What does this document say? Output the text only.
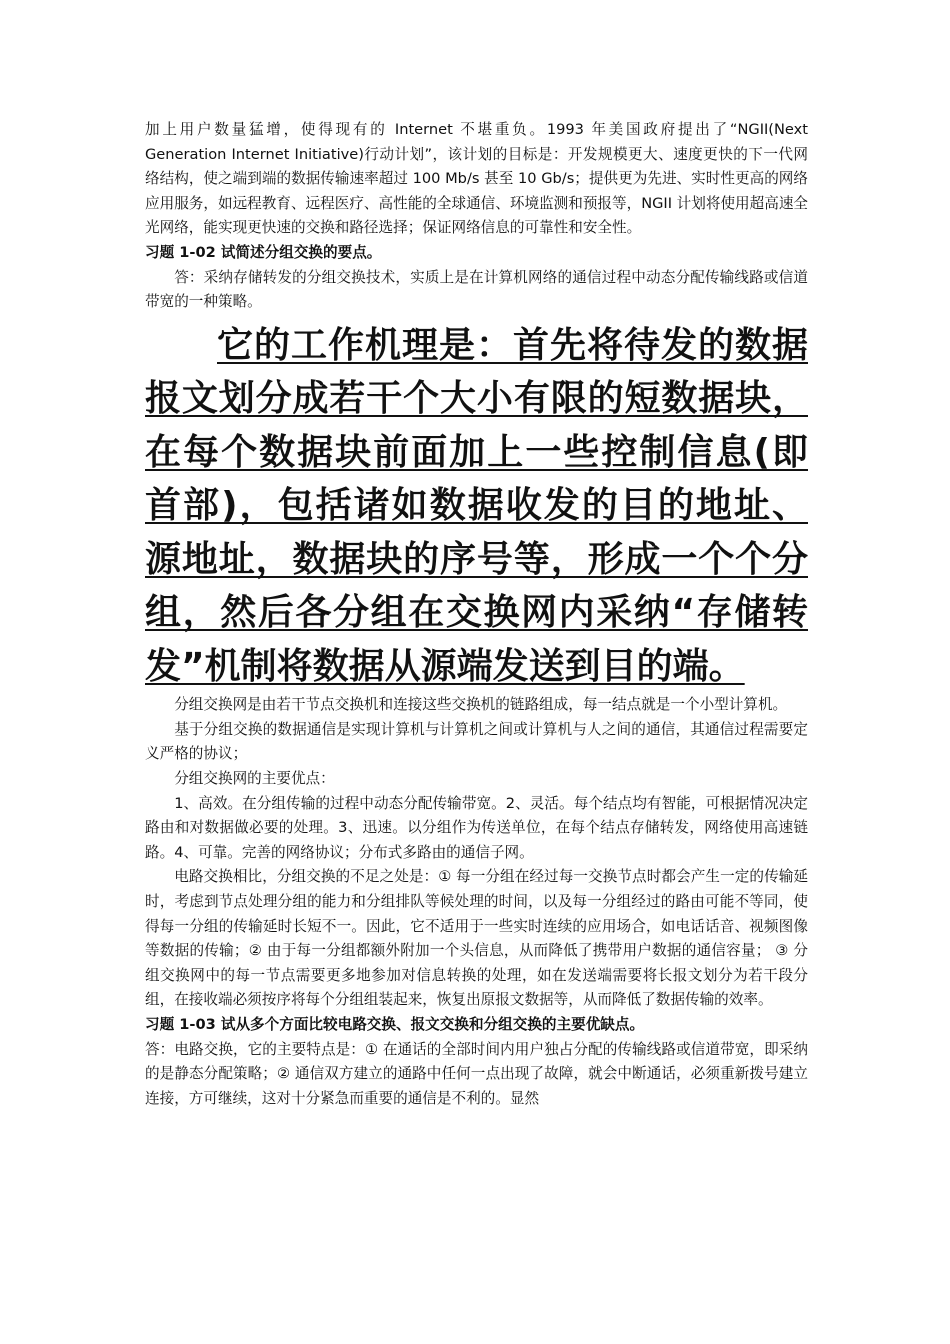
加上用户数量猛增，使得现有的 Internet 不堪重负。1993 年美国政府提出了“NGII(Next Generation Internet Initiative)行动计划”，该计划的目标是：开发规模更大、速度更快的下一代网络结构，使之端到端的数据传输速率超过 100 Mb/s 甚至 10 Gb/s；提供更为先进、实时性更高的网络应用服务，如远程教育、远程医疗、高性能的全球通信、环境监测和预报等，NGII 计划将使用超高速全光网络，能实现更快速的交换和路径选择；保证网络信息的可靠性和安全性。

习题 1-02 试简述分组交换的要点。

答：采纳存储转发的分组交换技术，实质上是在计算机网络的通信过程中动态分配传输线路或信道带宽的一种策略。

它的工作机理是：首先将待发的数据报文划分成若干个大小有限的短数据块，在每个数据块前面加上一些控制信息(即首部)，包括诸如数据收发的目的地址、源地址，数据块的序号等，形成一个个分组，然后各分组在交换网内采纳“存储转发”机制将数据从源端发送到目的端。

分组交换网是由若干节点交换机和连接这些交换机的链路组成，每一结点就是一个小型计算机。

基于分组交换的数据通信是实现计算机与计算机之间或计算机与人之间的通信，其通信过程需要定义严格的协议；

分组交换网的主要优点：

1、高效。在分组传输的过程中动态分配传输带宽。2、灵活。每个结点均有智能，可根据情况决定路由和对数据做必要的处理。3、迅速。以分组作为传送单位，在每个结点存储转发，网络使用高速链路。4、可靠。完善的网络协议；分布式多路由的通信子网。

电路交换相比，分组交换的不足之处是：① 每一分组在经过每一交换节点时都会产生一定的传输延时，考虑到节点处理分组的能力和分组排队等候处理的时间，以及每一分组经过的路由可能不等同，使得每一分组的传输延时长短不一。因此，它不适用于一些实时连续的应用场合，如电话话音、视频图像等数据的传输；② 由于每一分组都额外附加一个头信息，从而降低了携带用户数据的通信容量； ③ 分组交换网中的每一节点需要更多地参加对信息转换的处理，如在发送端需要将长报文划分为若干段分组，在接收端必须按序将每个分组组装起来，恢复出原报文数据等，从而降低了数据传输的效率。

习题 1-03 试从多个方面比较电路交换、报文交换和分组交换的主要优缺点。

答：电路交换，它的主要特点是：① 在通话的全部时间内用户独占分配的传输线路或信道带宽，即采纳的是静态分配策略；② 通信双方建立的通路中任何一点出现了故障，就会中断通话，必须重新拨号建立连接，方可继续，这对十分紧急而重要的通信是不利的。显然
